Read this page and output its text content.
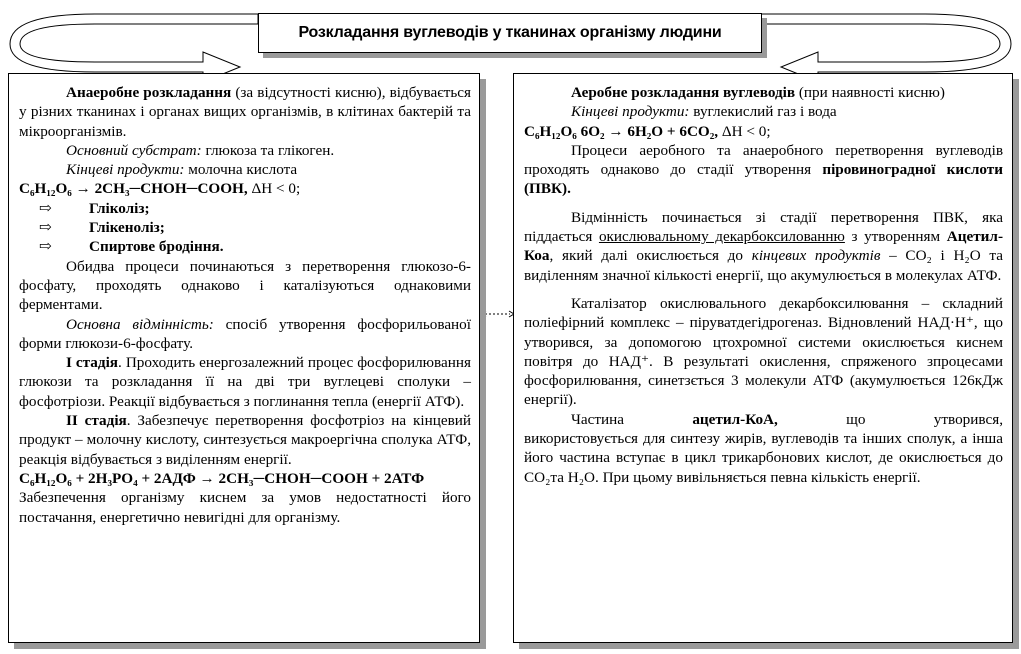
Розкладання вуглеводів у тканинах організму людини

Анаеробне розкладання (за відсутності кисню), відбувається у різних тканинах і органах вищих організмів, в клітинах бактерій та мікроорганізмів.

Основний субстрат: глюкоза та глікоген.

Кінцеві продукти: молочна кислота

C₆H₁₂O₆ → 2CH₃─CHOH─COOH, ΔH < 0;

⇨	Гліколіз;
⇨	Глікеноліз;
⇨	Спиртове бродіння.

Обидва процеси починаються з перетворення глюкозо-6-фосфату, проходять однаково і каталізуються однаковими ферментами.

Основна відмінність: спосіб утворення фосфорильованої форми глюкози-6-фосфату.

І стадія. Проходить енергозалежний процес фосфорилювання глюкози та розкладання її на дві три вуглецеві сполуки – фосфотріози. Реакції відбувається з поглинання тепла (енергії АТФ).

ІІ стадія. Забезпечує перетворення фосфотріоз на кінцевий продукт – молочну кислоту, синтезується макроергічна сполука АТФ, реакція відбувається з виділенням енергії.

C₆H₁₂O₆ + 2H₃PO₄ + 2АДФ → 2CH₃─CHOH─COOH + 2АТФ

Забезпечення організму киснем за умов недостатності його постачання, енергетично невигідні для організму.

Аеробне розкладання вуглеводів (при наявності кисню)

Кінцеві продукти: вуглекислий газ і вода

C₆H₁₂O₆ 6O₂ → 6H₂O + 6CO₂, ΔH < 0;

Процеси аеробного та анаеробного перетворення вуглеводів проходять однаково до стадії утворення піровиноградної кислоти (ПВК).

Відмінність починається зі стадії перетворення ПВК, яка піддається окислювальному декарбоксилованню з утворенням Ацетил-Коа, який далі окислюється до кінцевих продуктів – CO₂ і H₂O та виділенням значної кількості енергії, що акумулюється в молекулах АТФ.

Каталізатор окислювального декарбоксилювання – складний поліефірний комплекс – піруватдегідрогеназ. Відновлений НАД·Н⁺, що утворився, за допомогою цтохромної системи окислюється киснем повітря до НАД⁺. В результаті окислення, спряженого зпроцесами фосфорилювання, синетзється 3 молекули АТФ (акумулюється 126кДж енергії).

Частина	ацетил-КоА,	що	утворився,

використовується для синтезу жирів, вуглеводів та інших сполук, а інша його частина вступає в цикл трикарбонових кислот, де окислюється до CO₂та H₂O. При цьому вивільняється певна кількість енергії.
